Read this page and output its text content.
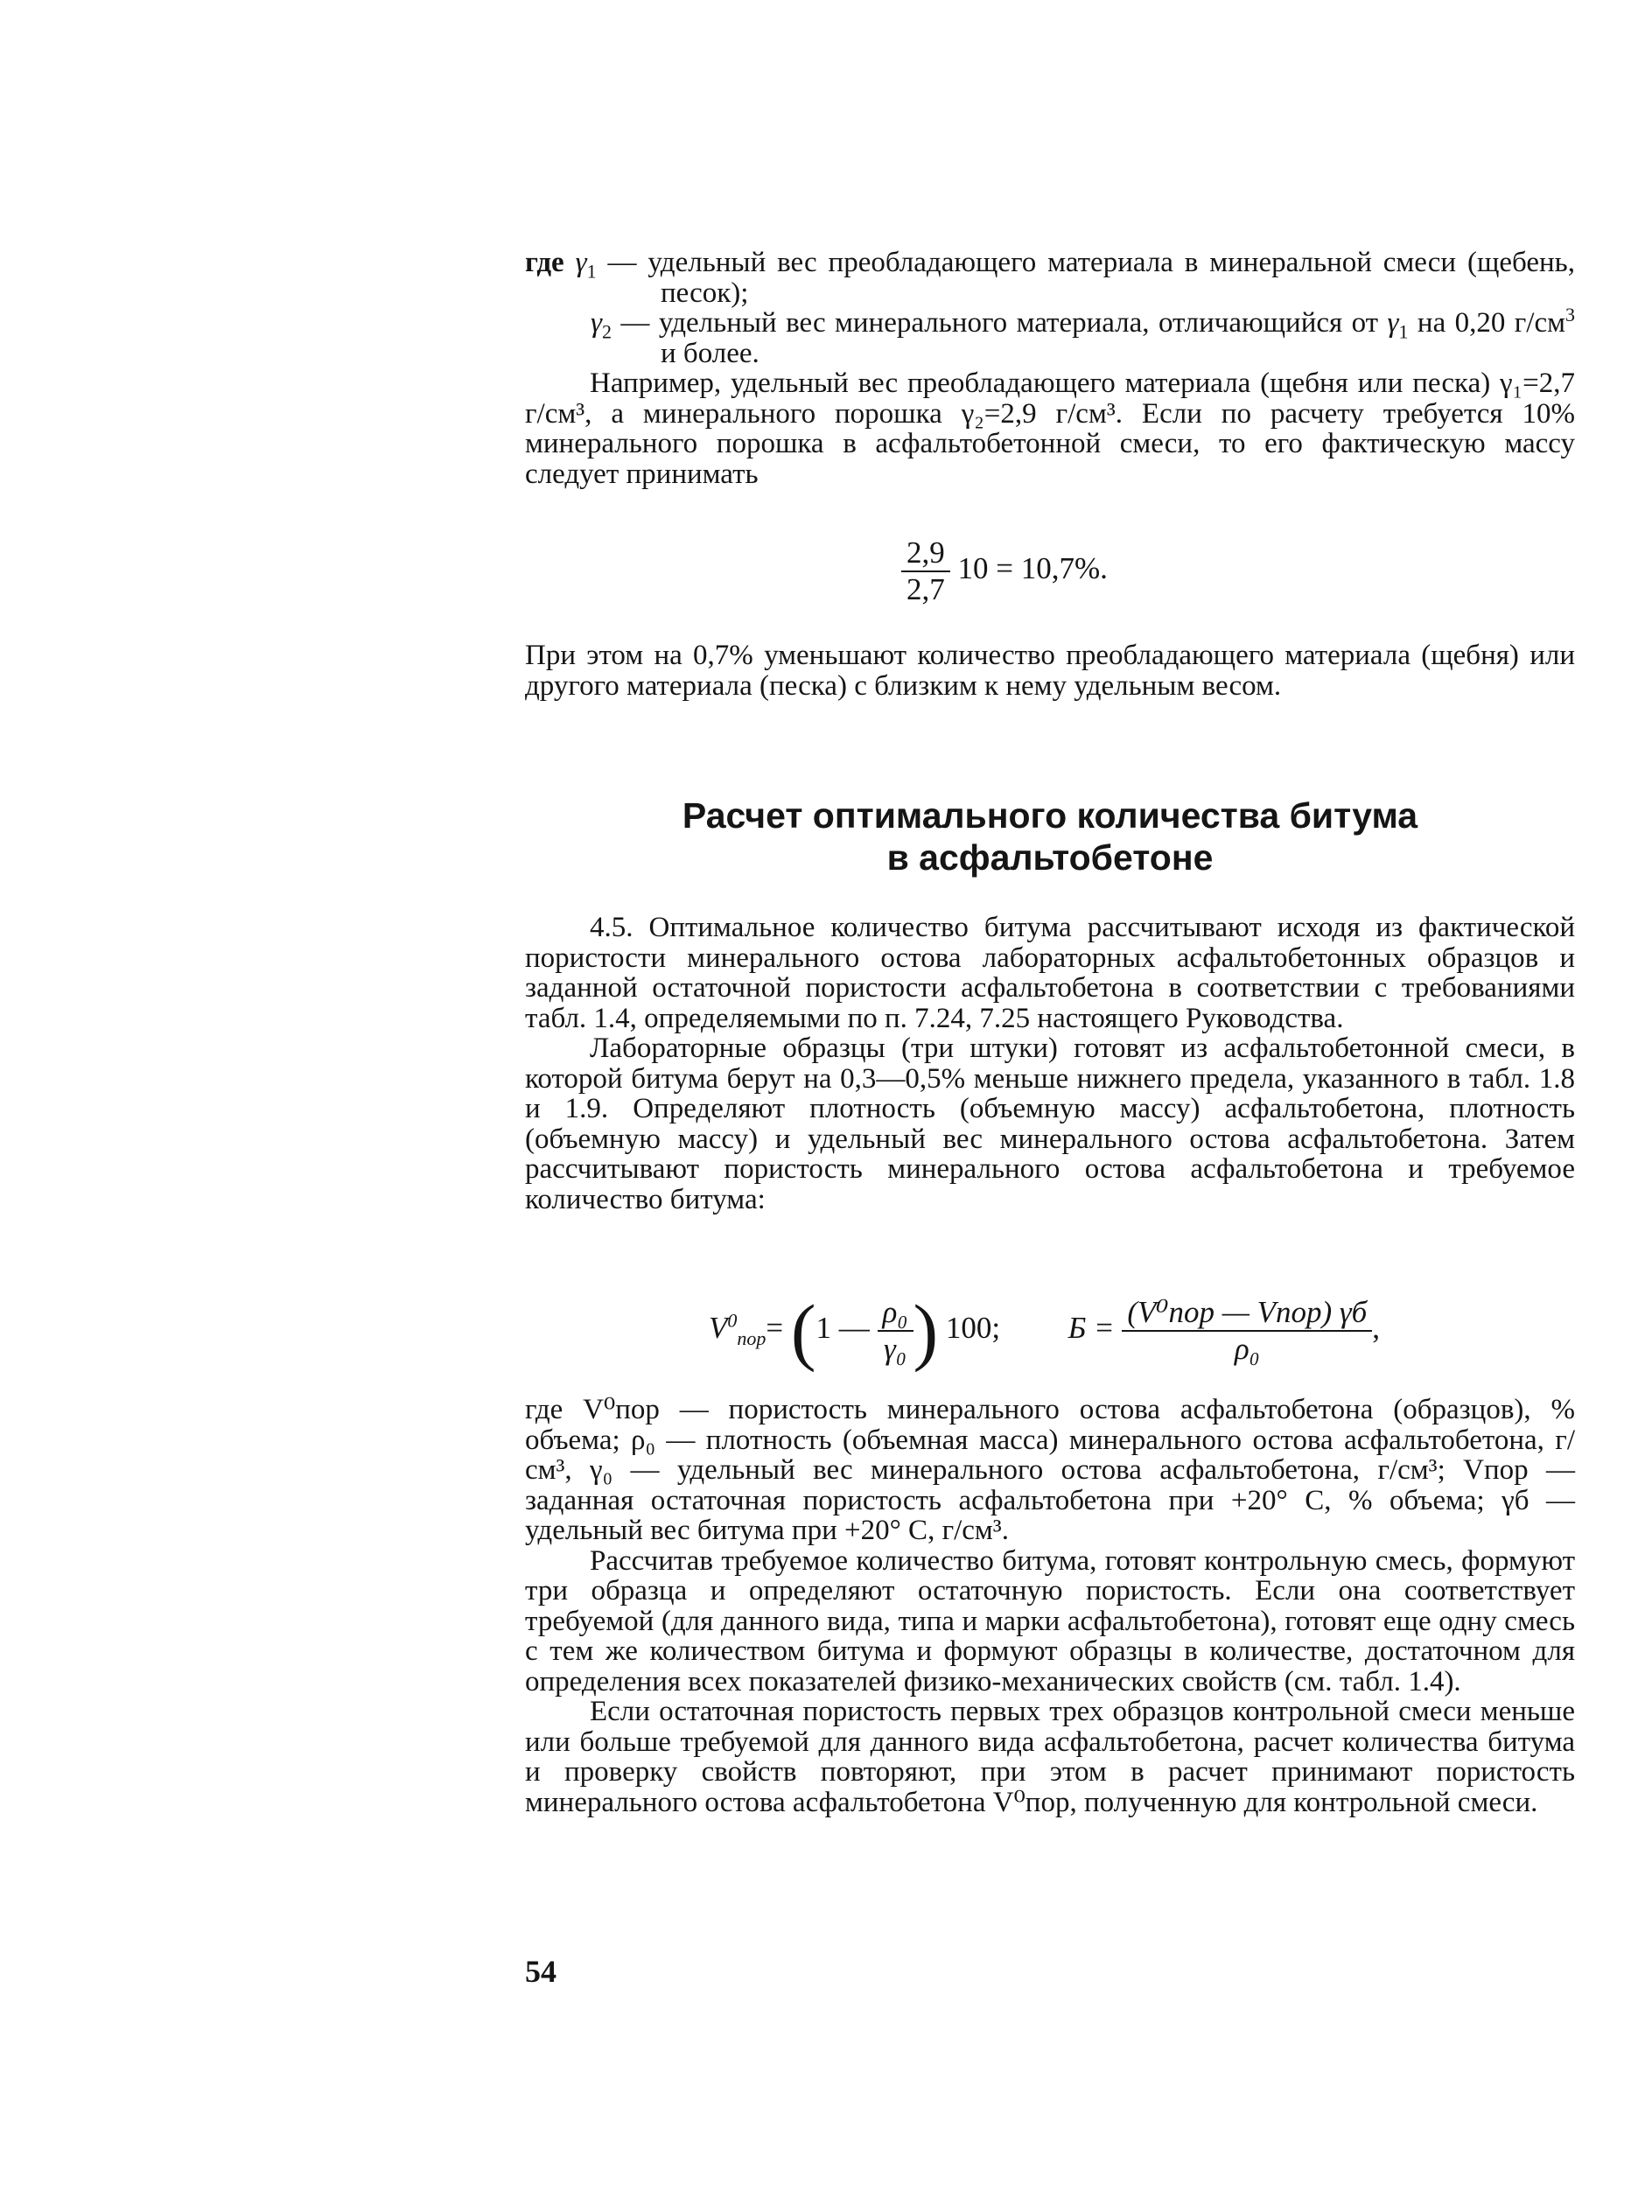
где $\gamma_1$ — удельный вес преобладающего материала в минеральной смеси (щебень, песок);

$\gamma_2$ — удельный вес минерального материала, отличающийся от $\gamma_1$ на 0,20 $г/см^3$ и более.

Например, удельный вес преобладающего материала (щебня или песка) γ₁=2,7 г/см³, а минерального порошка γ₂=2,9 г/см³. Если по расчету требуется 10% минерального порошка в асфальтобетонной смеси, то его фактическую массу следует принимать

$\frac{2,9}{2,7} 10 = 10,7\%$.

При этом на 0,7% уменьшают количество преобладающего материала (щебня) или другого материала (песка) с близким к нему удельным весом.

Расчет оптимального количества битума
в асфальтобетоне

4.5. Оптимальное количество битума рассчитывают исходя из фактической пористости минерального остова лабораторных асфальтобетонных образцов и заданной остаточной пористости асфальтобетона в соответствии с требованиями табл. 1.4, определяемыми по п. 7.24, 7.25 настоящего Руководства.

Лабораторные образцы (три штуки) готовят из асфальтобетонной смеси, в которой битума берут на 0,3—0,5% меньше нижнего предела, указанного в табл. 1.8 и 1.9. Определяют плотность (объемную массу) асфальтобетона, плотность (объемную массу) и удельный вес минерального остова асфальтобетона. Затем рассчитывают пористость минерального остова асфальтобетона и требуемое количество битума:

$V^0_{пор}= (1$ — $\frac{\text{ρ₀}}{\text{γ₀}}$ ) 100; $Б = \frac{\text{(V⁰пор — Vпор) γб}}{\text{ρ₀}}$ ,

где V⁰пор — пористость минерального остова асфальтобетона (образцов), % объема; ρ₀ — плотность (объемная масса) минерального остова асфальтобетона, г/см³, γ₀ — удельный вес минерального остова асфальтобетона, г/см³; Vпор — заданная остаточная пористость асфальтобетона при +20° С, % объема; γб — удельный вес битума при +20° С, г/см³.

Рассчитав требуемое количество битума, готовят контрольную смесь, формуют три образца и определяют остаточную пористость. Если она соответствует требуемой (для данного вида, типа и марки асфальтобетона), готовят еще одну смесь с тем же количеством битума и формуют образцы в количестве, достаточном для определения всех показателей физико-механических свойств (см. табл. 1.4).

Если остаточная пористость первых трех образцов контрольной смеси меньше или больше требуемой для данного вида асфальтобетона, расчет количества битума и проверку свойств повторяют, при этом в расчет принимают пористость минерального остова асфальтобетона V⁰пор, полученную для контрольной смеси.

54
